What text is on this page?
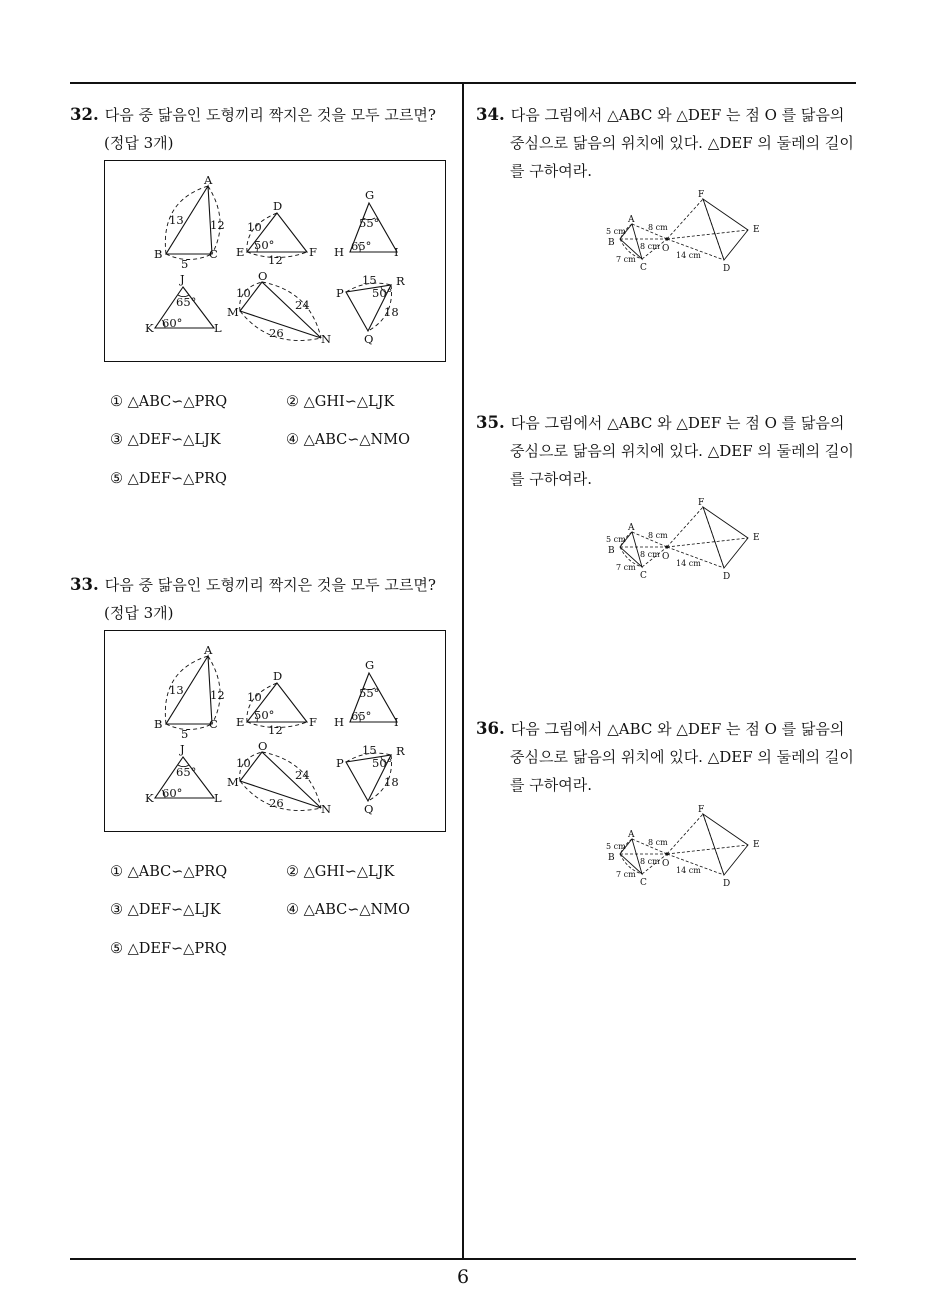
32. 다음 중 닮음인 도형끼리 짝지은 것을 모두 고르면?
(정답 3개)
A
B	C
13 12
5
D
E	F
10
12
50°
G
H	I
55°
65°
J
K	L
65°
60°
O
M
N
10
24
26
P
R
Q
15
18
50°
① △ABC∽△PRQ	② △GHI∽△LJK
③ △DEF∽△LJK	④ △ABC∽△NMO
⑤ △DEF∽△PRQ
33. 다음 중 닮음인 도형끼리 짝지은 것을 모두 고르면?
(정답 3개)
A
B	C
13 12
5
D
E	F
10
12
50°
G
H	I
55°
65°
J
K	L
65°
60°
O
M
N
10
24
26
P
R
Q
15
18
50°
① △ABC∽△PRQ	② △GHI∽△LJK
③ △DEF∽△LJK	④ △ABC∽△NMO
⑤ △DEF∽△PRQ
34. 다음 그림에서 △ABC 와 △DEF 는 점 O 를 닮음의
중심으로 닮음의 위치에 있다. △DEF 의 둘레의 길이
를 구하여라.
A
B
C
O
D
E
F
5 cm	8 cm
8 cm
7 cm	14 cm
35. 다음 그림에서 △ABC 와 △DEF 는 점 O 를 닮음의
중심으로 닮음의 위치에 있다. △DEF 의 둘레의 길이
를 구하여라.
A
B
C
O
D
E
F
5 cm	8 cm
8 cm
7 cm	14 cm
36. 다음 그림에서 △ABC 와 △DEF 는 점 O 를 닮음의
중심으로 닮음의 위치에 있다. △DEF 의 둘레의 길이
를 구하여라.
A
B
C
O
D
E
F
5 cm	8 cm
8 cm
7 cm	14 cm
6
